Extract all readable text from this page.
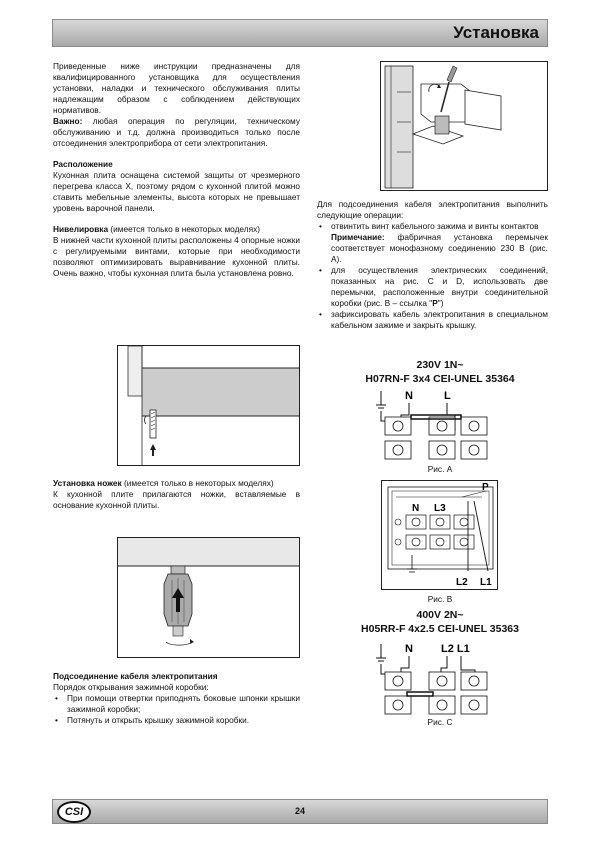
Установка

Приведенные ниже инструкции предназначены для квалифицированного установщика для осуществления установки, наладки и технического обслуживания плиты надлежащим образом с соблюдением действующих нормативов.

Важно: любая операция по регуляции, техническому обслуживанию и т.д. должна производиться только после отсоединения электроприбора от сети электропитания.

Расположение

Кухонная плита оснащена системой защиты от чрезмерного перегрева класса X, поэтому рядом с кухонной плитой можно ставить мебельные элементы, высота которых не превышает уровень варочной панели.

Нивелировка (имеется только в некоторых моделях)

В нижней части кухонной плиты расположены 4 опорные ножки с регулируемыми винтами, которые при необходимости позволяют оптимизировать выравнивание кухонной плиты. Очень важно, чтобы кухонная плита была установлена ровно.

Установка ножек (имеется только в некоторых моделях)

К кухонной плите прилагаются ножки, вставляемые в основание кухонной плиты.

Подсоединение кабеля электропитания

Порядок открывания зажимной коробки:

• При помощи отвертки приподнять боковые шпонки крышки зажимной коробки;
• Потянуть и открыть крышку зажимной коробки.

Для подсоединения кабеля электропитания выполнить следующие операции:

• отвинтить винт кабельного зажима и винты контактов
Примечание: фабричная установка перемычек соответствует монофазному соединению 230 В (рис. А).
• для осуществления электрических соединений, показанных на рис. С и D, использовать две перемычки, расположенные внутри соединительной коробки (рис. В – ссылка "P")
• зафиксировать кабель электропитания в специальном кабельном зажиме и закрыть крышку.
230V 1N~
H07RN-F 3x4 CEI-UNEL 35364
N	L
Рис. A
P
N L3
L2 L1
Рис. B
400V 2N~
H05RR-F 4x2.5 CEI-UNEL 35363
N	L2 L1
Рис. C
CSI	24
